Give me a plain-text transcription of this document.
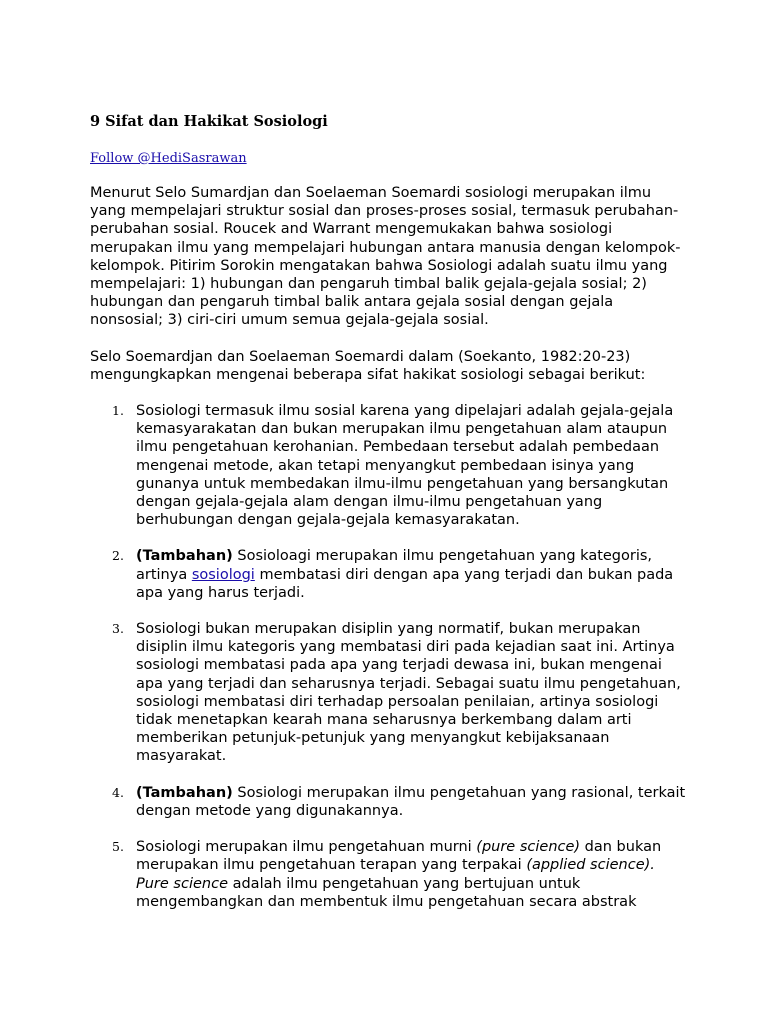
9 Sifat dan Hakikat Sosiologi
Follow @HediSasrawan

Menurut Selo Sumardjan dan Soelaeman Soemardi sosiologi merupakan ilmu yang mempelajari struktur sosial dan proses-proses sosial, termasuk perubahan-perubahan sosial. Roucek and Warrant mengemukakan bahwa sosiologi merupakan ilmu yang mempelajari hubungan antara manusia dengan kelompok-kelompok. Pitirim Sorokin mengatakan bahwa Sosiologi adalah suatu ilmu yang mempelajari: 1) hubungan dan pengaruh timbal balik gejala-gejala sosial; 2) hubungan dan pengaruh timbal balik antara gejala sosial dengan gejala nonsosial; 3) ciri-ciri umum semua gejala-gejala sosial.

Selo Soemardjan dan Soelaeman Soemardi dalam (Soekanto, 1982:20-23) mengungkapkan mengenai beberapa sifat hakikat sosiologi sebagai berikut:

1. Sosiologi termasuk ilmu sosial karena yang dipelajari adalah gejala-gejala kemasyarakatan dan bukan merupakan ilmu pengetahuan alam ataupun ilmu pengetahuan kerohanian. Pembedaan tersebut adalah pembedaan mengenai metode, akan tetapi menyangkut pembedaan isinya yang gunanya untuk membedakan ilmu-ilmu pengetahuan yang bersangkutan dengan gejala-gejala alam dengan ilmu-ilmu pengetahuan yang berhubungan dengan gejala-gejala kemasyarakatan.
2. (Tambahan) Sosioloagi merupakan ilmu pengetahuan yang kategoris, artinya sosiologi membatasi diri dengan apa yang terjadi dan bukan pada apa yang harus terjadi.
3. Sosiologi bukan merupakan disiplin yang normatif, bukan merupakan disiplin ilmu kategoris yang membatasi diri pada kejadian saat ini. Artinya sosiologi membatasi pada apa yang terjadi dewasa ini, bukan mengenai apa yang terjadi dan seharusnya terjadi. Sebagai suatu ilmu pengetahuan, sosiologi membatasi diri terhadap persoalan penilaian, artinya sosiologi tidak menetapkan kearah mana seharusnya berkembang dalam arti memberikan petunjuk-petunjuk yang menyangkut kebijaksanaan masyarakat.
4. (Tambahan) Sosiologi merupakan ilmu pengetahuan yang rasional, terkait dengan metode yang digunakannya.
5. Sosiologi merupakan ilmu pengetahuan murni (pure science) dan bukan merupakan ilmu pengetahuan terapan yang terpakai (applied science). Pure science adalah ilmu pengetahuan yang bertujuan untuk mengembangkan dan membentuk ilmu pengetahuan secara abstrak
